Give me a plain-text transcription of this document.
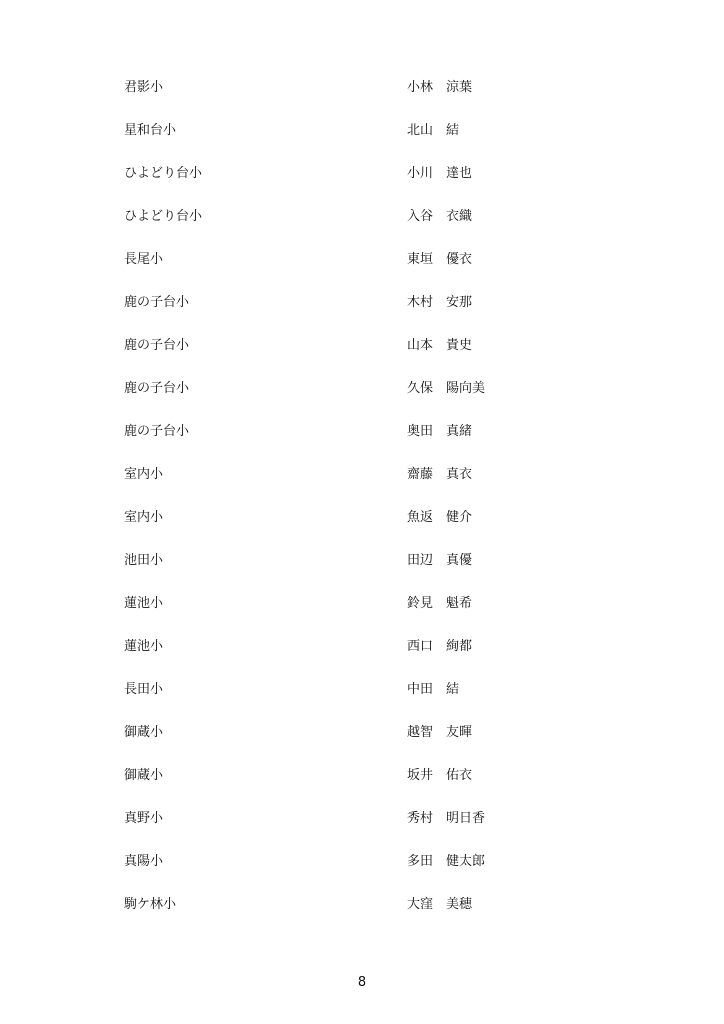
君影小	小林　涼葉
星和台小	北山　結
ひよどり台小	小川　達也
ひよどり台小	入谷　衣織
長尾小	東垣　優衣
鹿の子台小	木村　安那
鹿の子台小	山本　貴史
鹿の子台小	久保　陽向美
鹿の子台小	奥田　真緒
室内小	齋藤　真衣
室内小	魚返　健介
池田小	田辺　真優
蓮池小	鈴見　魁希
蓮池小	西口　絢都
長田小	中田　結
御蔵小	越智　友暉
御蔵小	坂井　佑衣
真野小	秀村　明日香
真陽小	多田　健太郎
駒ケ林小	大窪　美穂
8
